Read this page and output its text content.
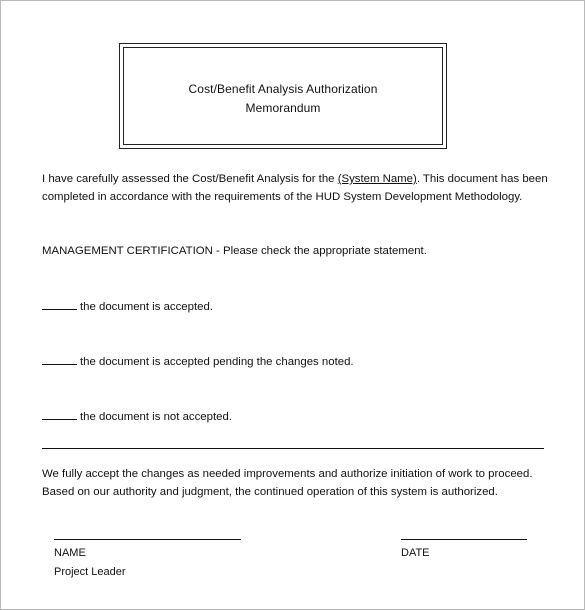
Cost/Benefit Analysis Authorization
Memorandum
I have carefully assessed the Cost/Benefit Analysis for the (System Name). This document has been completed in accordance with the requirements of the HUD System Development Methodology.
MANAGEMENT CERTIFICATION - Please check the appropriate statement.
the document is accepted.
the document is accepted pending the changes noted.
the document is not accepted.
We fully accept the changes as needed improvements and authorize initiation of work to proceed. Based on our authority and judgment, the continued operation of this system is authorized.
NAME
Project Leader
DATE
